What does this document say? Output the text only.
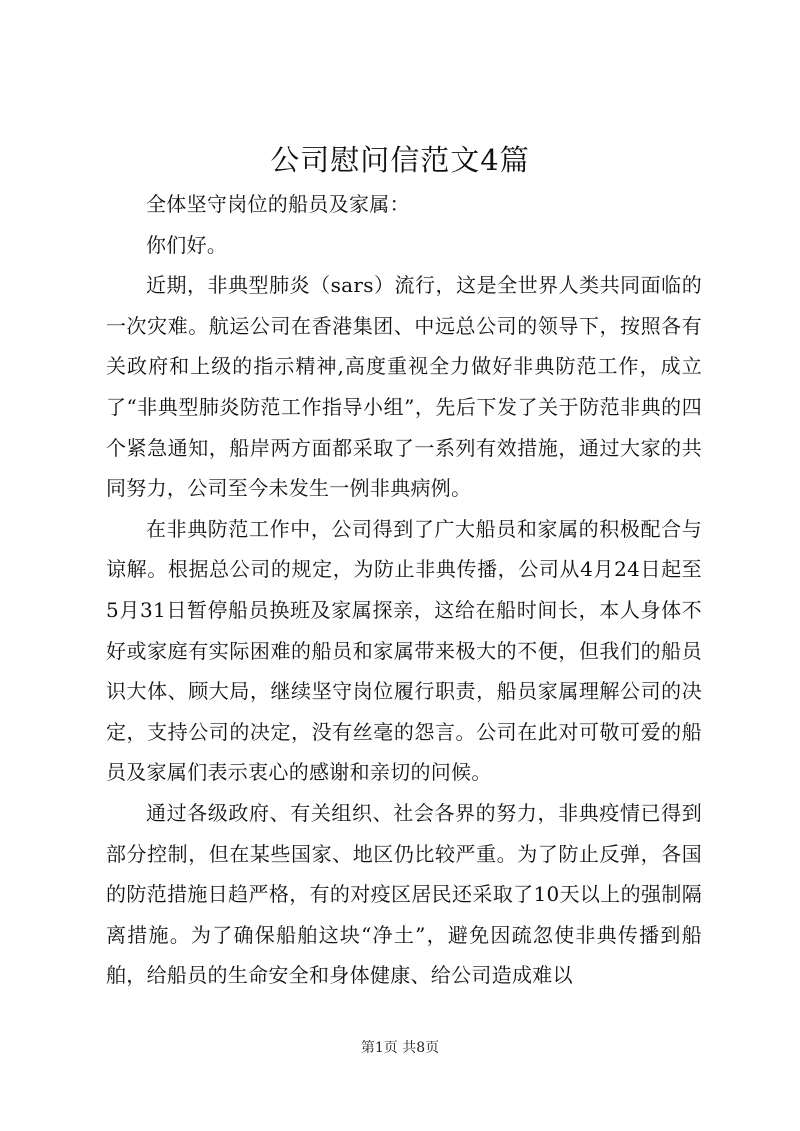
公司慰问信范文4篇

全体坚守岗位的船员及家属：

你们好。

近期，非典型肺炎（sars）流行，这是全世界人类共同面临的一次灾难。航运公司在香港集团、中远总公司的领导下，按照各有关政府和上级的指示精神,高度重视全力做好非典防范工作，成立了“非典型肺炎防范工作指导小组”，先后下发了关于防范非典的四个紧急通知，船岸两方面都采取了一系列有效措施，通过大家的共同努力，公司至今未发生一例非典病例。

在非典防范工作中，公司得到了广大船员和家属的积极配合与谅解。根据总公司的规定，为防止非典传播，公司从4月24日起至5月31日暂停船员换班及家属探亲，这给在船时间长，本人身体不好或家庭有实际困难的船员和家属带来极大的不便，但我们的船员识大体、顾大局，继续坚守岗位履行职责，船员家属理解公司的决定，支持公司的决定，没有丝毫的怨言。公司在此对可敬可爱的船员及家属们表示衷心的感谢和亲切的问候。

通过各级政府、有关组织、社会各界的努力，非典疫情已得到部分控制，但在某些国家、地区仍比较严重。为了防止反弹，各国的防范措施日趋严格，有的对疫区居民还采取了10天以上的强制隔离措施。为了确保船舶这块“净土”，避免因疏忽使非典传播到船舶，给船员的生命安全和身体健康、给公司造成难以

第1页 共8页
